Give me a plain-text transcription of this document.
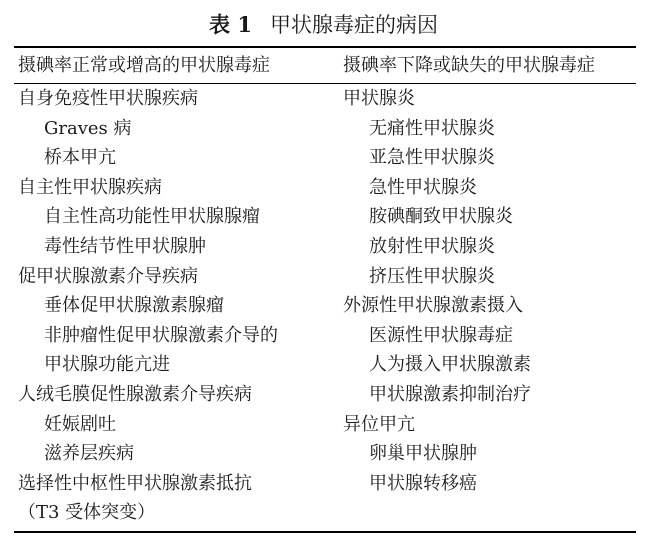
表 1 甲状腺毒症的病因
摄碘率正常或增高的甲状腺毒症	摄碘率下降或缺失的甲状腺毒症
自身免疫性甲状腺疾病
Graves 病
桥本甲亢
自主性甲状腺疾病
自主性高功能性甲状腺腺瘤
毒性结节性甲状腺肿
促甲状腺激素介导疾病
垂体促甲状腺激素腺瘤
非肿瘤性促甲状腺激素介导的
甲状腺功能亢进
人绒毛膜促性腺激素介导疾病
妊娠剧吐
滋养层疾病
选择性中枢性甲状腺激素抵抗
（T3 受体突变）
甲状腺炎
无痛性甲状腺炎
亚急性甲状腺炎
急性甲状腺炎
胺碘酮致甲状腺炎
放射性甲状腺炎
挤压性甲状腺炎
外源性甲状腺激素摄入
医源性甲状腺毒症
人为摄入甲状腺激素
甲状腺激素抑制治疗
异位甲亢
卵巢甲状腺肿
甲状腺转移癌
